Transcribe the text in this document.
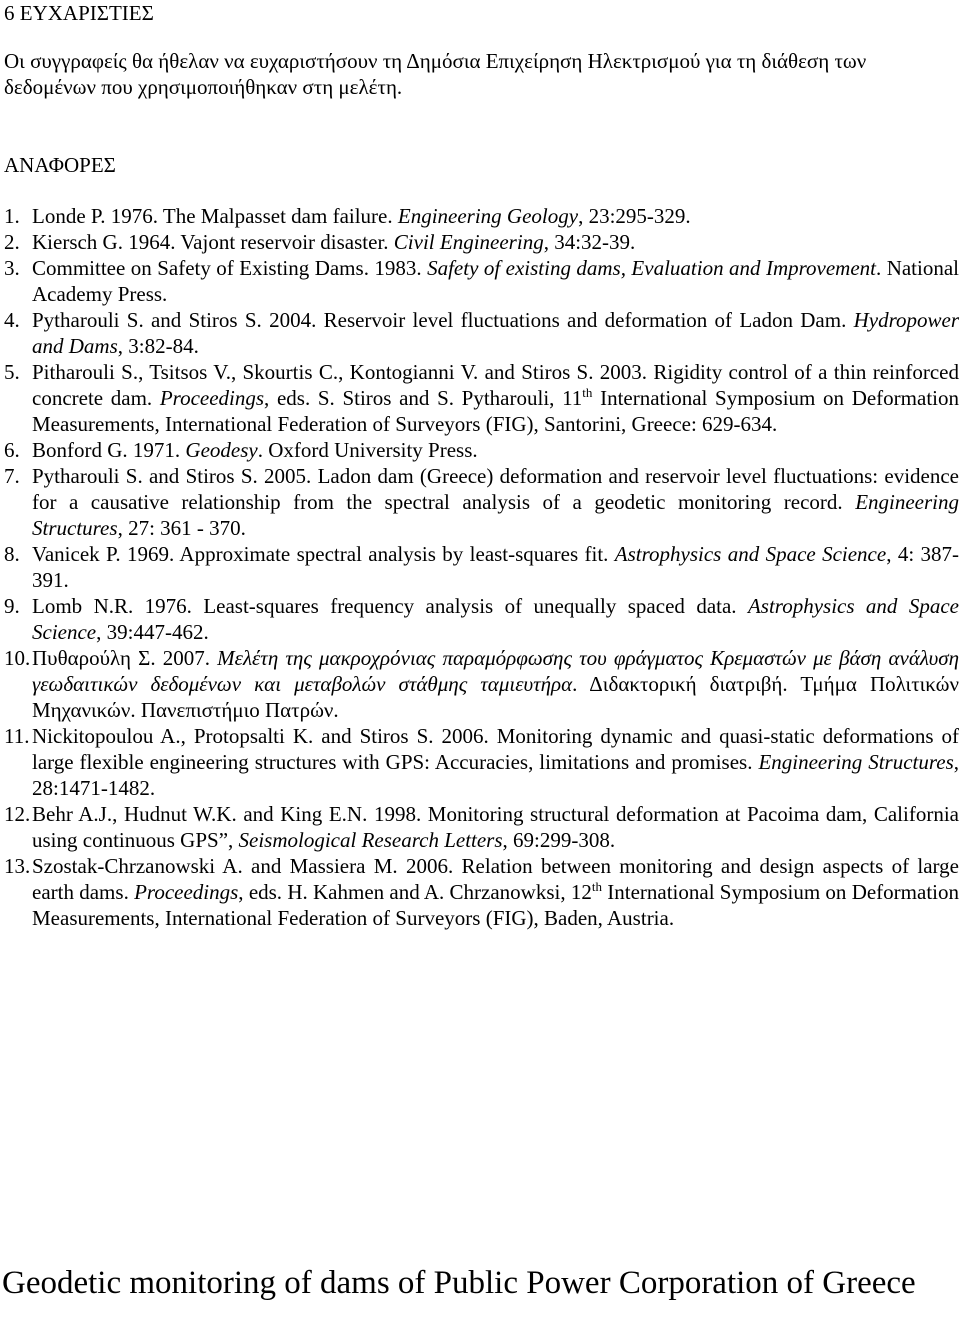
6 ΕΥΧΑΡΙΣΤΙΕΣ
Οι συγγραφείς θα ήθελαν να ευχαριστήσουν τη Δημόσια Επιχείρηση Ηλεκτρισμού για τη διάθεση των δεδομένων που χρησιμοποιήθηκαν στη μελέτη.
ΑΝΑΦΟΡΕΣ
1. Londe P. 1976. The Malpasset dam failure. Engineering Geology, 23:295-329.
2. Kiersch G. 1964. Vajont reservoir disaster. Civil Engineering, 34:32-39.
3. Committee on Safety of Existing Dams. 1983. Safety of existing dams, Evaluation and Improvement. National Academy Press.
4. Pytharouli S. and Stiros S. 2004. Reservoir level fluctuations and deformation of Ladon Dam. Hydropower and Dams, 3:82-84.
5. Pitharouli S., Tsitsos V., Skourtis C., Kontogianni V. and Stiros S. 2003. Rigidity control of a thin reinforced concrete dam. Proceedings, eds. S. Stiros and S. Pytharouli, 11th International Symposium on Deformation Measurements, International Federation of Surveyors (FIG), Santorini, Greece: 629-634.
6. Bonford G. 1971. Geodesy. Oxford University Press.
7. Pytharouli S. and Stiros S. 2005. Ladon dam (Greece) deformation and reservoir level fluctuations: evidence for a causative relationship from the spectral analysis of a geodetic monitoring record. Engineering Structures, 27: 361 - 370.
8. Vanicek P. 1969. Approximate spectral analysis by least-squares fit. Astrophysics and Space Science, 4: 387-391.
9. Lomb N.R. 1976. Least-squares frequency analysis of unequally spaced data. Astrophysics and Space Science, 39:447-462.
10. Πυθαρούλη Σ. 2007. Μελέτη της μακροχρόνιας παραμόρφωσης του φράγματος Κρεμαστών με βάση ανάλυση γεωδαιτικών δεδομένων και μεταβολών στάθμης ταμιευτήρα. Διδακτορική διατριβή. Τμήμα Πολιτικών Μηχανικών. Πανεπιστήμιο Πατρών.
11. Nickitopoulou A., Protopsalti K. and Stiros S. 2006. Monitoring dynamic and quasi-static deformations of large flexible engineering structures with GPS: Accuracies, limitations and promises. Engineering Structures, 28:1471-1482.
12. Behr A.J., Hudnut W.K. and King E.N. 1998. Monitoring structural deformation at Pacoima dam, California using continuous GPS”, Seismological Research Letters, 69:299-308.
13. Szostak-Chrzanowski A. and Massiera M. 2006. Relation between monitoring and design aspects of large earth dams. Proceedings, eds. H. Kahmen and A. Chrzanowksi, 12th International Symposium on Deformation Measurements, International Federation of Surveyors (FIG), Baden, Austria.
Geodetic monitoring of dams of Public Power Corporation of Greece
